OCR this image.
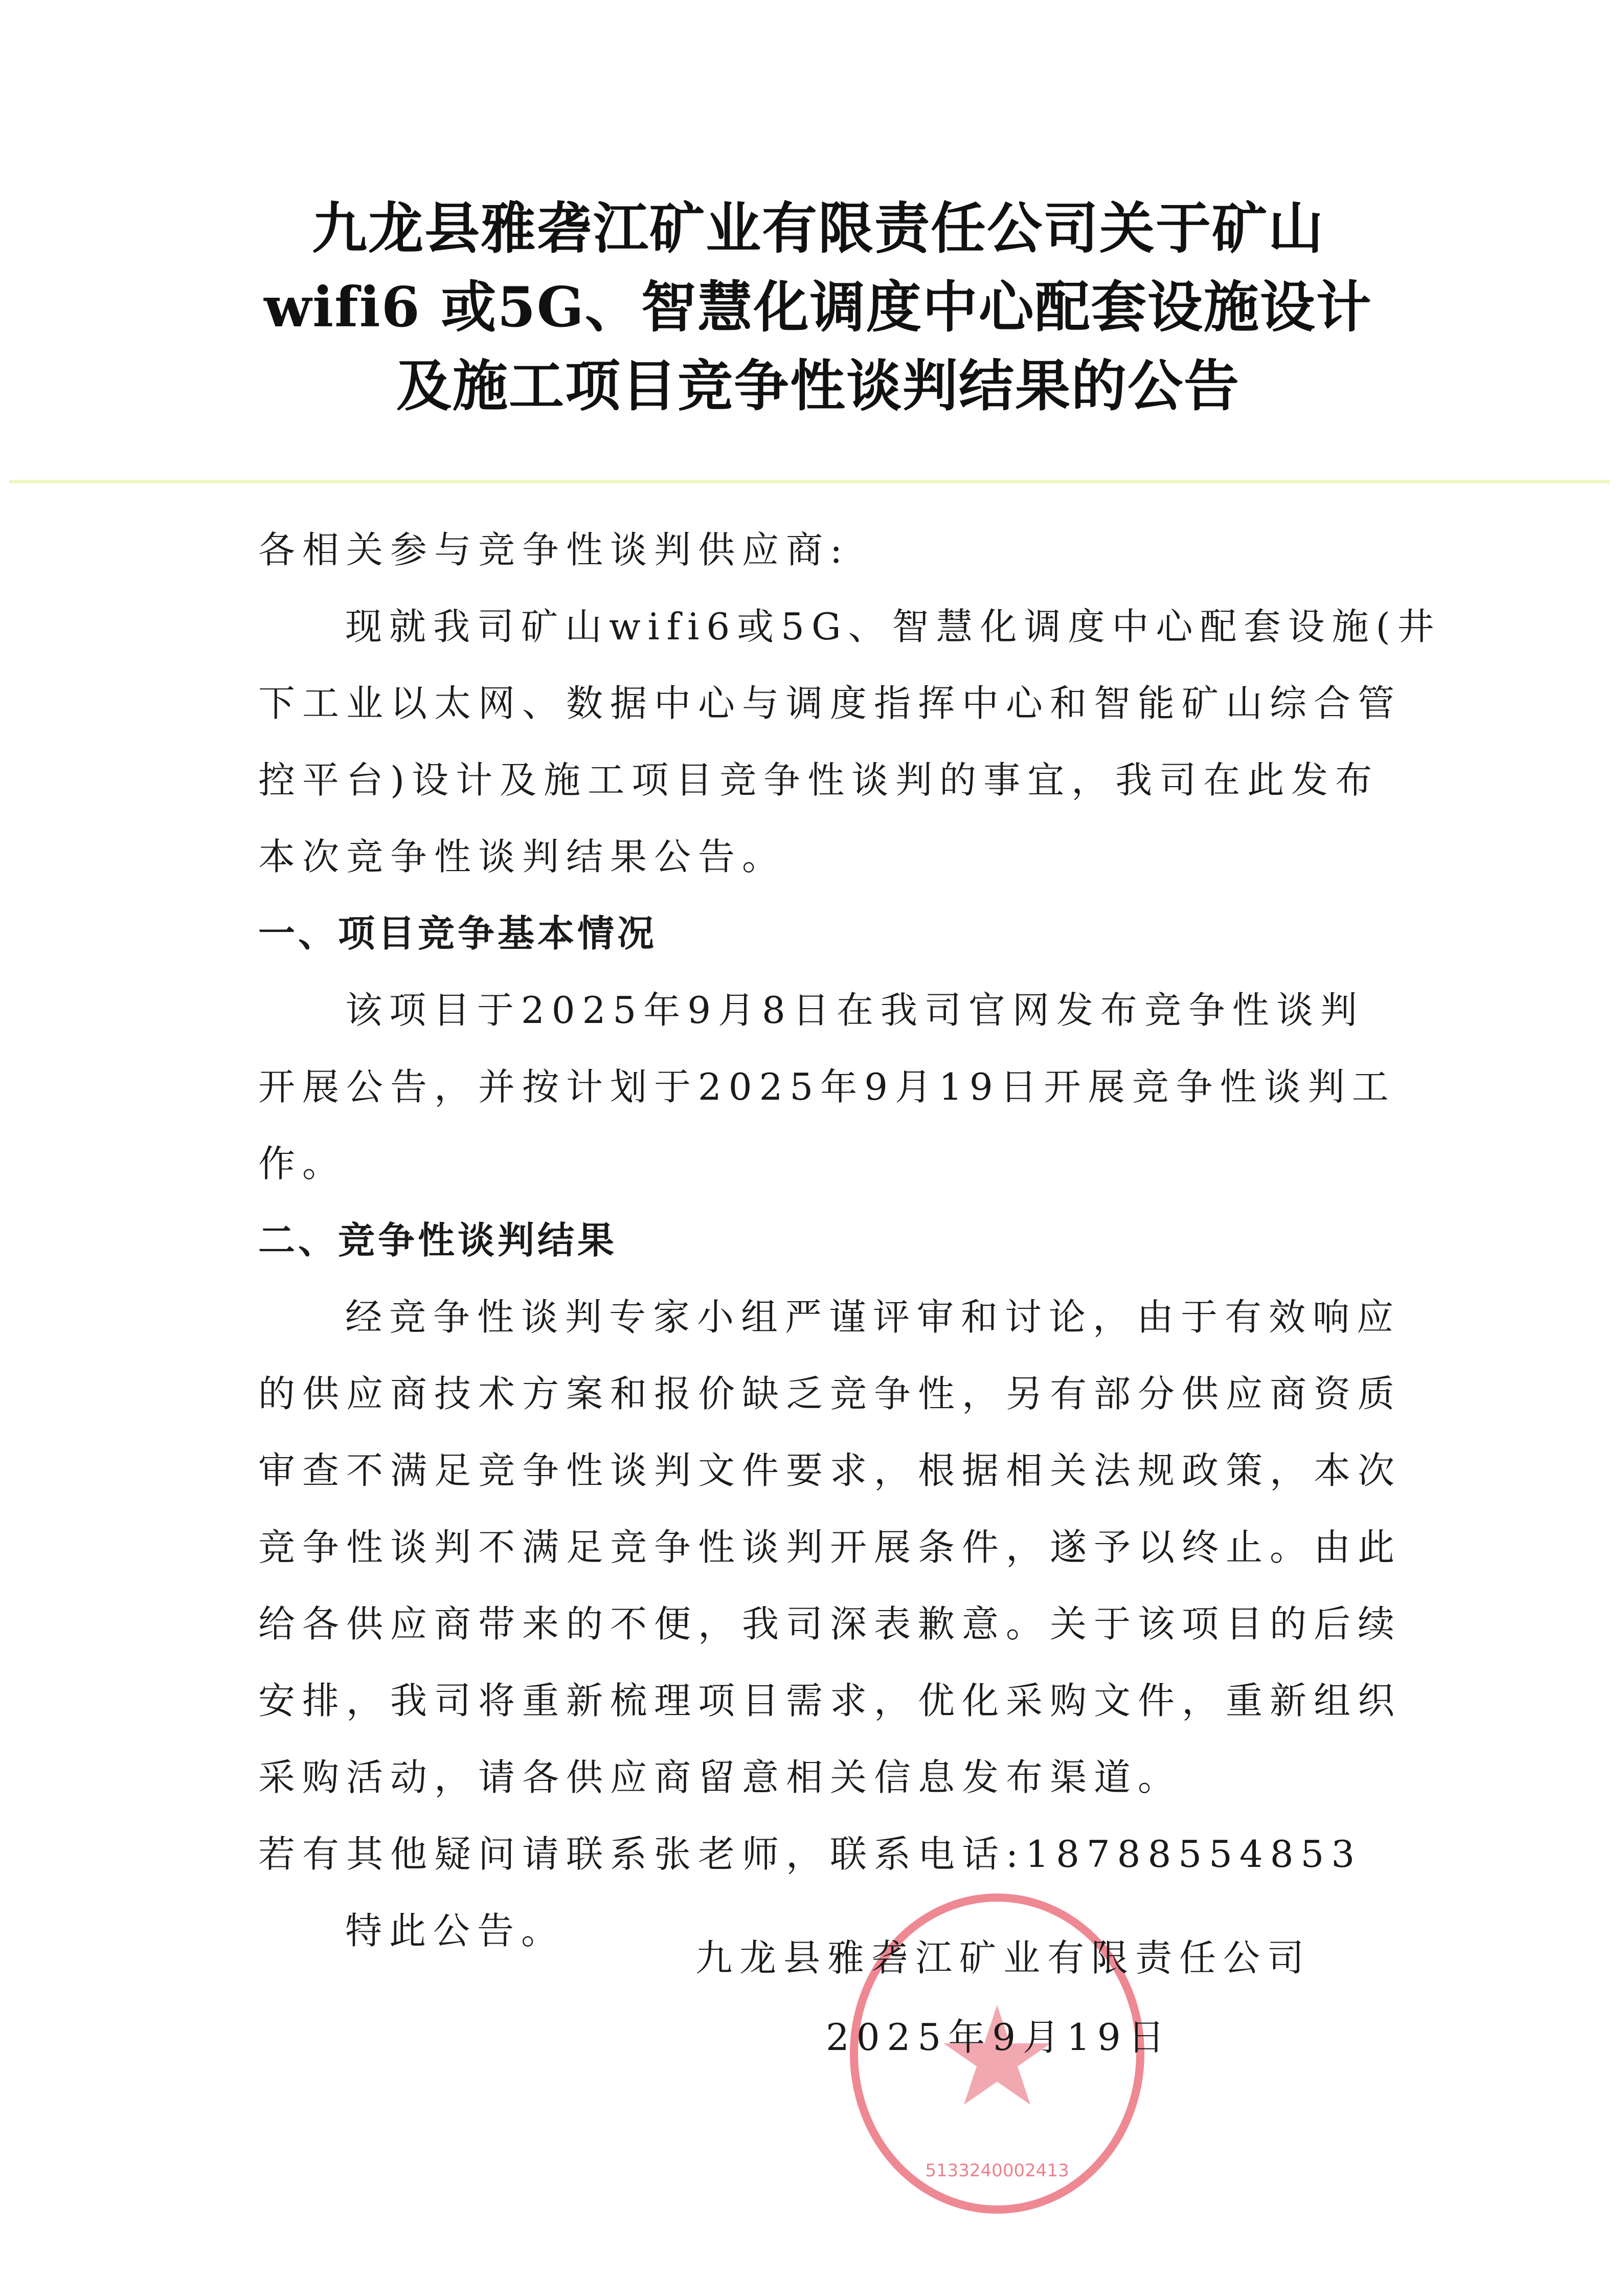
九龙县雅砻江矿业有限责任公司关于矿山
wifi6 或5G、智慧化调度中心配套设施设计
及施工项目竞争性谈判结果的公告
各相关参与竞争性谈判供应商:
现就我司矿山wifi6或5G、智慧化调度中心配套设施(井
下工业以太网、数据中心与调度指挥中心和智能矿山综合管
控平台)设计及施工项目竞争性谈判的事宜，我司在此发布
本次竞争性谈判结果公告。
一、项目竞争基本情况
该项目于2025年9月8日在我司官网发布竞争性谈判
开展公告，并按计划于2025年9月19日开展竞争性谈判工
作。
二、竞争性谈判结果
经竞争性谈判专家小组严谨评审和讨论，由于有效响应
的供应商技术方案和报价缺乏竞争性，另有部分供应商资质
审查不满足竞争性谈判文件要求，根据相关法规政策，本次
竞争性谈判不满足竞争性谈判开展条件，遂予以终止。由此
给各供应商带来的不便，我司深表歉意。关于该项目的后续
安排，我司将重新梳理项目需求，优化采购文件，重新组织
采购活动，请各供应商留意相关信息发布渠道。
若有其他疑问请联系张老师，联系电话:18788554853
特此公告。
5133240002413
九龙县雅砻江矿业有限责任公司
2025年9月19日
